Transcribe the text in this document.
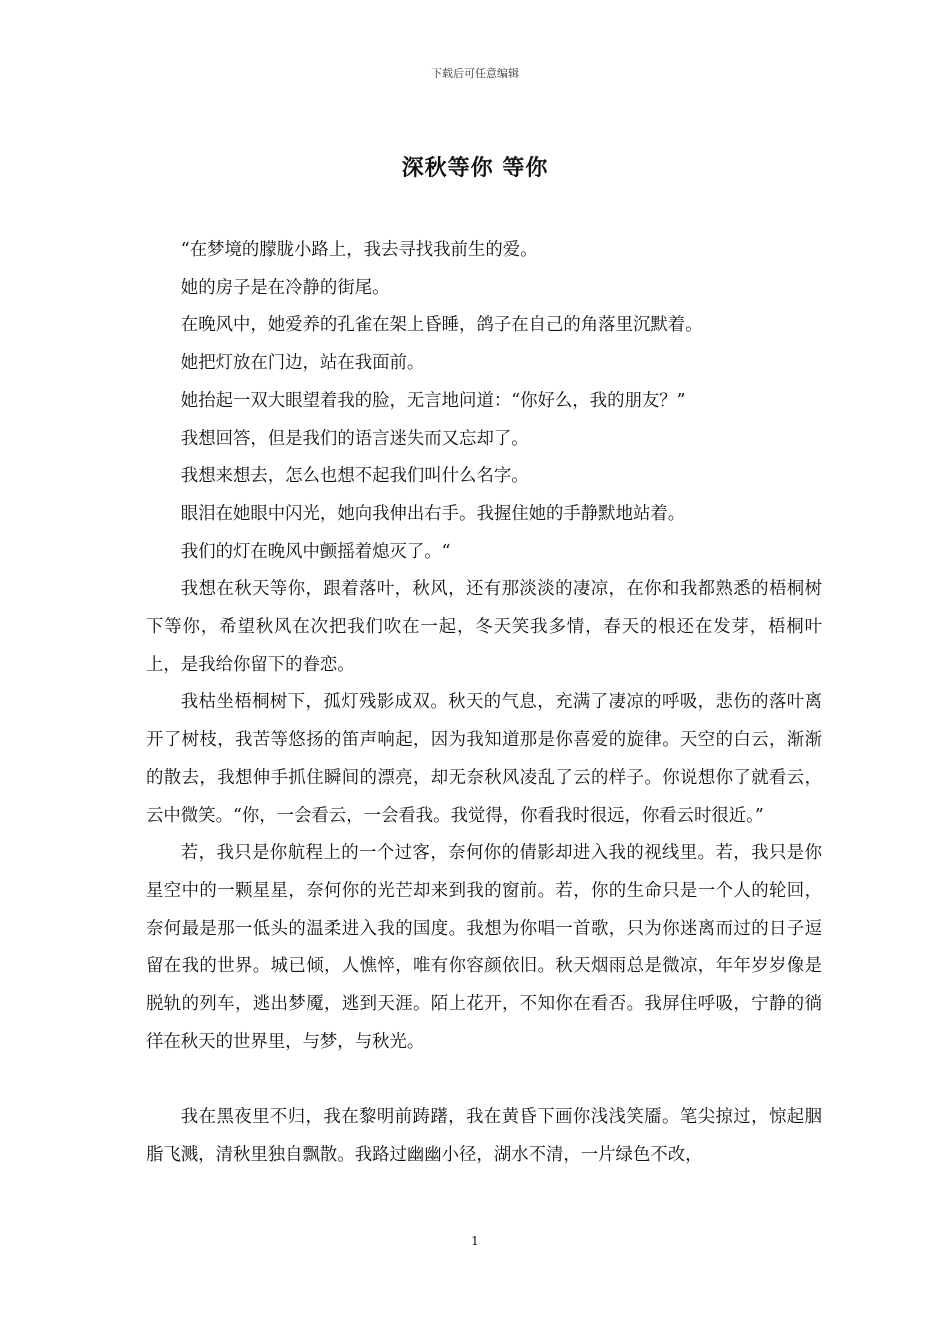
下载后可任意编辑
深秋等你 等你

“在梦境的朦胧小路上，我去寻找我前生的爱。

她的房子是在冷静的街尾。

在晚风中，她爱养的孔雀在架上昏睡，鸽子在自己的角落里沉默着。

她把灯放在门边，站在我面前。

她抬起一双大眼望着我的脸，无言地问道：“你好么，我的朋友？”

我想回答，但是我们的语言迷失而又忘却了。

我想来想去，怎么也想不起我们叫什么名字。

眼泪在她眼中闪光，她向我伸出右手。我握住她的手静默地站着。

我们的灯在晚风中颤摇着熄灭了。“

我想在秋天等你，跟着落叶，秋风，还有那淡淡的凄凉，在你和我都熟悉的梧桐树下等你，希望秋风在次把我们吹在一起，冬天笑我多情，春天的根还在发芽，梧桐叶上，是我给你留下的眷恋。

我枯坐梧桐树下，孤灯残影成双。秋天的气息，充满了凄凉的呼吸，悲伤的落叶离开了树枝，我苦等悠扬的笛声响起，因为我知道那是你喜爱的旋律。天空的白云，渐渐的散去，我想伸手抓住瞬间的漂亮，却无奈秋风凌乱了云的样子。你说想你了就看云，云中微笑。“你，一会看云，一会看我。我觉得，你看我时很远，你看云时很近。”

若，我只是你航程上的一个过客，奈何你的倩影却进入我的视线里。若，我只是你星空中的一颗星星，奈何你的光芒却来到我的窗前。若，你的生命只是一个人的轮回，奈何最是那一低头的温柔进入我的国度。我想为你唱一首歌，只为你迷离而过的日子逗留在我的世界。城已倾，人憔悴，唯有你容颜依旧。秋天烟雨总是微凉，年年岁岁像是脱轨的列车，逃出梦魇，逃到天涯。陌上花开，不知你在看否。我屏住呼吸，宁静的徜徉在秋天的世界里，与梦，与秋光。

我在黑夜里不归，我在黎明前踌躇，我在黄昏下画你浅浅笑靥。笔尖掠过，惊起胭脂飞溅，清秋里独自飘散。我路过幽幽小径，湖水不清，一片绿色不改，

1
